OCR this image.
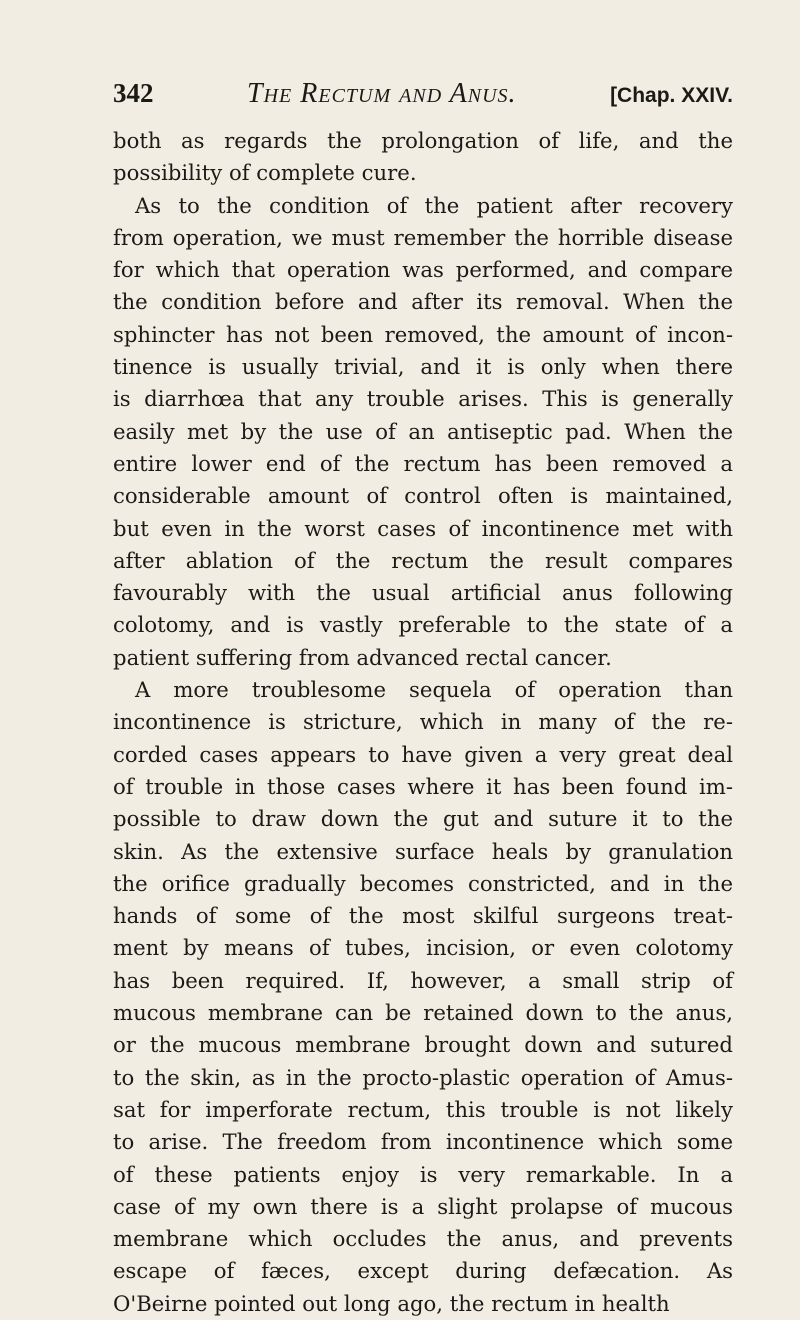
342	The Rectum and Anus.	[Chap. XXIV.
both as regards the prolongation of life, and the
possibility of complete cure.
As to the condition of the patient after recovery
from operation, we must remember the horrible disease
for which that operation was performed, and compare
the condition before and after its removal. When the
sphincter has not been removed, the amount of incon-
tinence is usually trivial, and it is only when there
is diarrhœa that any trouble arises. This is generally
easily met by the use of an antiseptic pad. When the
entire lower end of the rectum has been removed a
considerable amount of control often is maintained,
but even in the worst cases of incontinence met with
after ablation of the rectum the result compares
favourably with the usual artificial anus following
colotomy, and is vastly preferable to the state of a
patient suffering from advanced rectal cancer.
A more troublesome sequela of operation than
incontinence is stricture, which in many of the re-
corded cases appears to have given a very great deal
of trouble in those cases where it has been found im-
possible to draw down the gut and suture it to the
skin. As the extensive surface heals by granulation
the orifice gradually becomes constricted, and in the
hands of some of the most skilful surgeons treat-
ment by means of tubes, incision, or even colotomy
has been required. If, however, a small strip of
mucous membrane can be retained down to the anus,
or the mucous membrane brought down and sutured
to the skin, as in the procto-plastic operation of Amus-
sat for imperforate rectum, this trouble is not likely
to arise. The freedom from incontinence which some
of these patients enjoy is very remarkable. In a
case of my own there is a slight prolapse of mucous
membrane which occludes the anus, and prevents
escape of fæces, except during defæcation. As
O'Beirne pointed out long ago, the rectum in health
